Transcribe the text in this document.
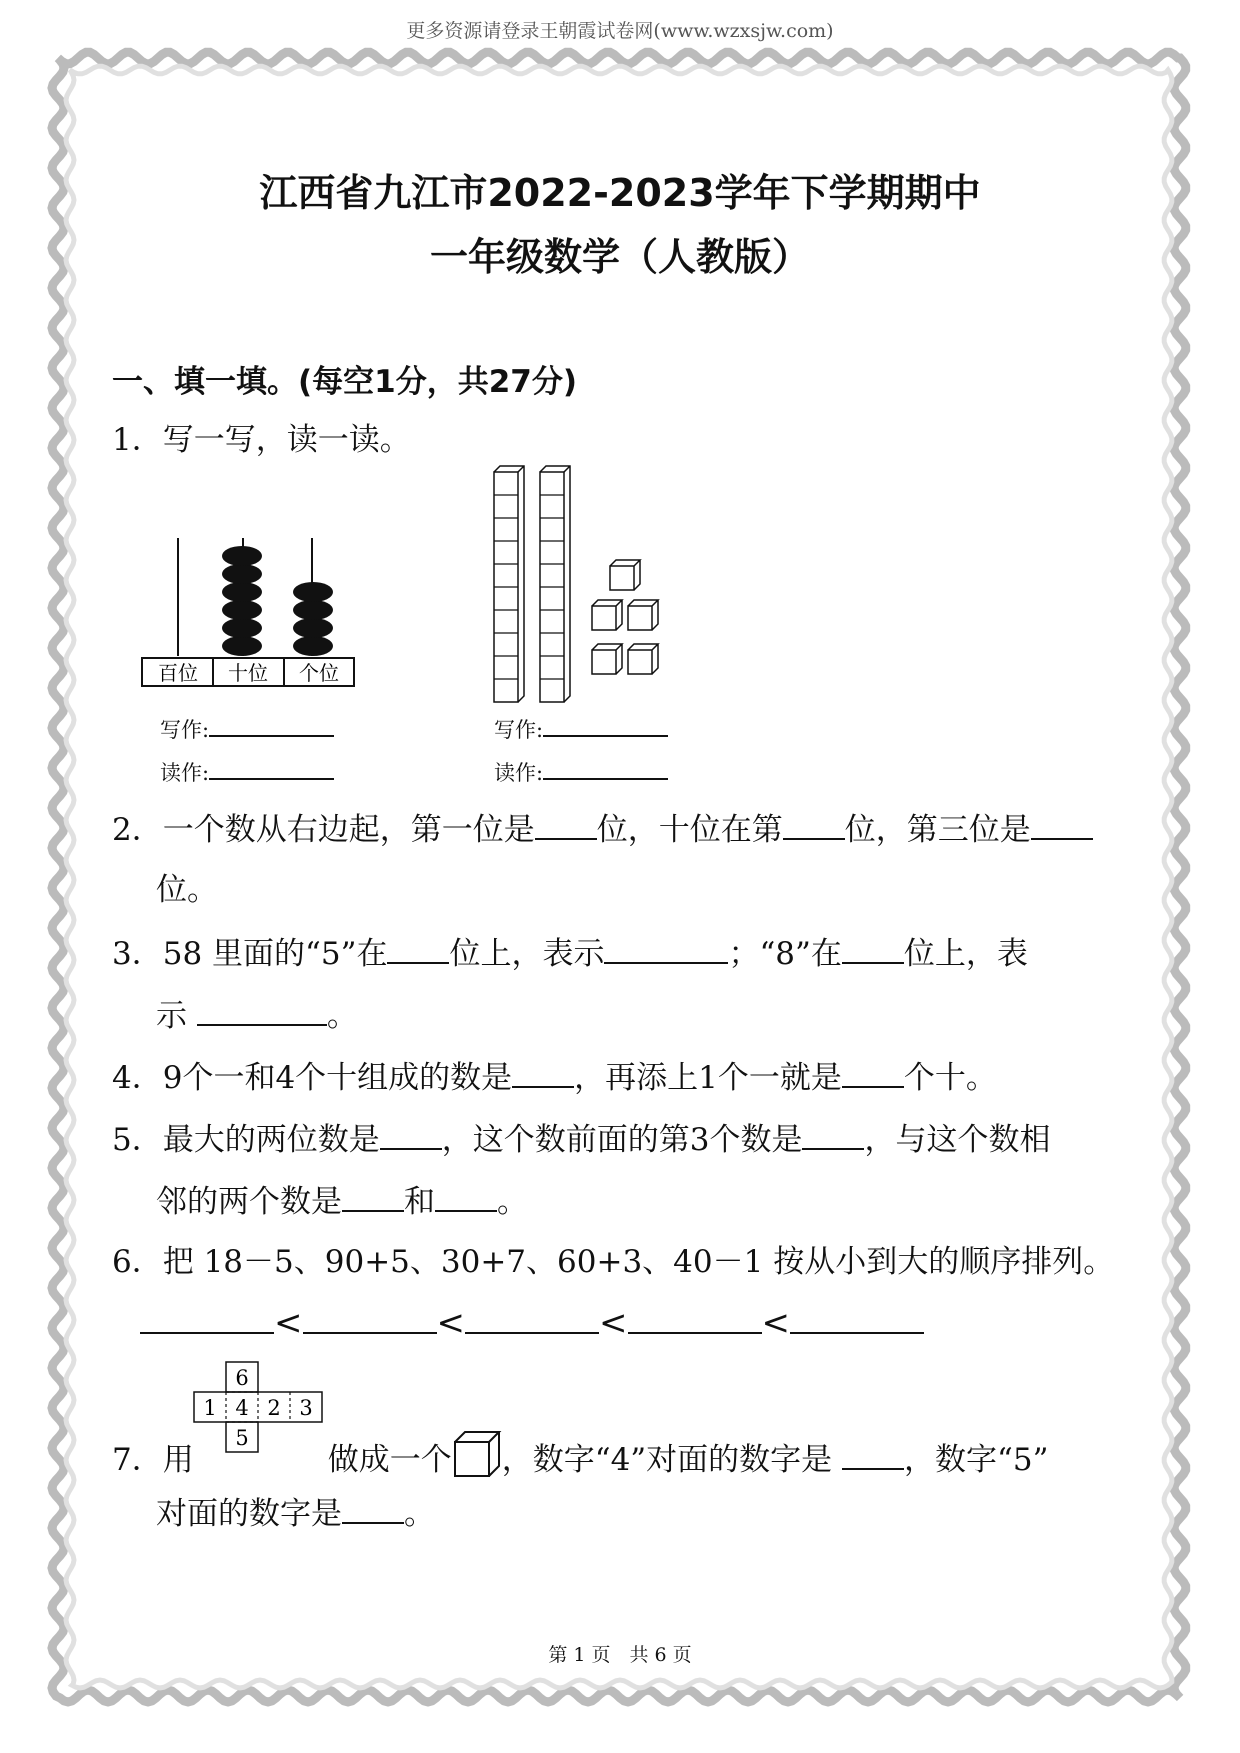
更多资源请登录王朝霞试卷网(www.wzxsjw.com)
江西省九江市2022-2023学年下学期期中
一年级数学（人教版）
一、填一填。(每空1分，共27分)
1．写一写，读一读。
百位 十位 个位
写作:
读作:
写作:
读作:
2．一个数从右边起，第一位是 位，十位在第 位，第三位是
位。
3．58 里面的“5”在 位上，表示	；“8”在 位上，表
示	。
4．9个一和4个十组成的数是 ，再添上1个一就是 个十。
5．最大的两位数是 ，这个数前面的第3个数是 ，与这个数相
邻的两个数是 和 。
6．把 18－5、90+5、30+7、60+3、40－1 按从小到大的顺序排列。
<	<	<	<
6
1 4 2 3
5
7．用	做成一个 ，数字“4”对面的数字是 ，数字“5”
对面的数字是 。
第 1 页　共 6 页
